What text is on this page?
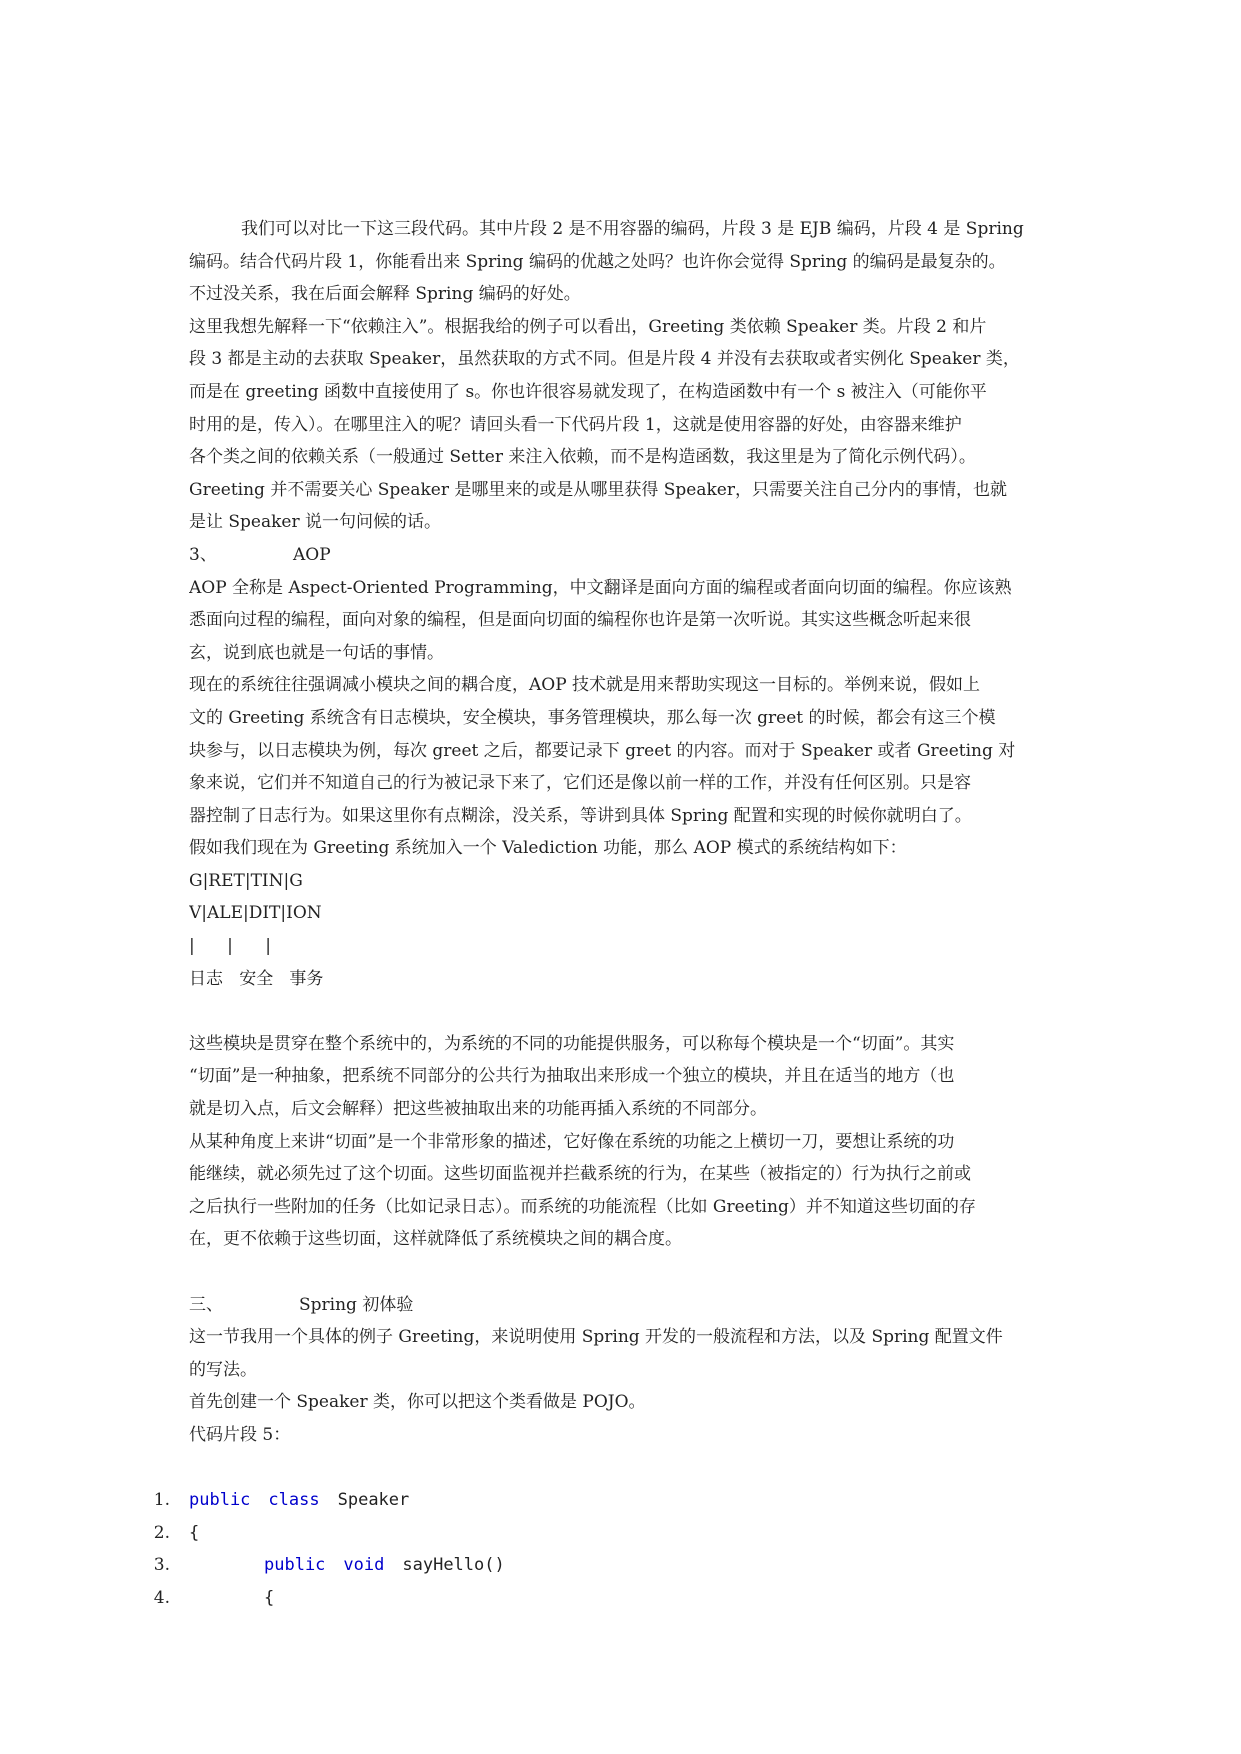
我们可以对比一下这三段代码。其中片段 2 是不用容器的编码，片段 3 是 EJB 编码，片段 4 是 Spring
编码。结合代码片段 1，你能看出来 Spring 编码的优越之处吗？也许你会觉得 Spring 的编码是最复杂的。
不过没关系，我在后面会解释 Spring 编码的好处。
这里我想先解释一下“依赖注入”。根据我给的例子可以看出，Greeting 类依赖 Speaker 类。片段 2 和片
段 3 都是主动的去获取 Speaker，虽然获取的方式不同。但是片段 4 并没有去获取或者实例化 Speaker 类，
而是在 greeting 函数中直接使用了 s。你也许很容易就发现了，在构造函数中有一个 s 被注入（可能你平
时用的是，传入）。在哪里注入的呢？请回头看一下代码片段 1，这就是使用容器的好处，由容器来维护
各个类之间的依赖关系（一般通过 Setter 来注入依赖，而不是构造函数，我这里是为了简化示例代码）。
Greeting 并不需要关心 Speaker 是哪里来的或是从哪里获得 Speaker，只需要关注自己分内的事情，也就
是让 Speaker 说一句问候的话。
3、	AOP
AOP 全称是 Aspect-Oriented Programming，中文翻译是面向方面的编程或者面向切面的编程。你应该熟
悉面向过程的编程，面向对象的编程，但是面向切面的编程你也许是第一次听说。其实这些概念听起来很
玄，说到底也就是一句话的事情。
现在的系统往往强调减小模块之间的耦合度，AOP 技术就是用来帮助实现这一目标的。举例来说，假如上
文的 Greeting 系统含有日志模块，安全模块，事务管理模块，那么每一次 greet 的时候，都会有这三个模
块参与，以日志模块为例，每次 greet 之后，都要记录下 greet 的内容。而对于 Speaker 或者 Greeting 对
象来说，它们并不知道自己的行为被记录下来了，它们还是像以前一样的工作，并没有任何区别。只是容
器控制了日志行为。如果这里你有点糊涂，没关系，等讲到具体 Spring 配置和实现的时候你就明白了。
假如我们现在为 Greeting 系统加入一个 Valediction 功能，那么 AOP 模式的系统结构如下：
G|RET|TIN|G
V|ALE|DIT|ION
|      |      |
日志   安全   事务
这些模块是贯穿在整个系统中的，为系统的不同的功能提供服务，可以称每个模块是一个“切面”。其实
“切面”是一种抽象，把系统不同部分的公共行为抽取出来形成一个独立的模块，并且在适当的地方（也
就是切入点，后文会解释）把这些被抽取出来的功能再插入系统的不同部分。
从某种角度上来讲“切面”是一个非常形象的描述，它好像在系统的功能之上横切一刀，要想让系统的功
能继续，就必须先过了这个切面。这些切面监视并拦截系统的行为，在某些（被指定的）行为执行之前或
之后执行一些附加的任务（比如记录日志）。而系统的功能流程（比如 Greeting）并不知道这些切面的存
在，更不依赖于这些切面，这样就降低了系统模块之间的耦合度。
三、	Spring 初体验
这一节我用一个具体的例子 Greeting，来说明使用 Spring 开发的一般流程和方法，以及 Spring 配置文件
的写法。
首先创建一个 Speaker 类，你可以把这个类看做是 POJO。
代码片段 5：
1. public class Speaker
2. {
3.	public void sayHello()
4.	{
